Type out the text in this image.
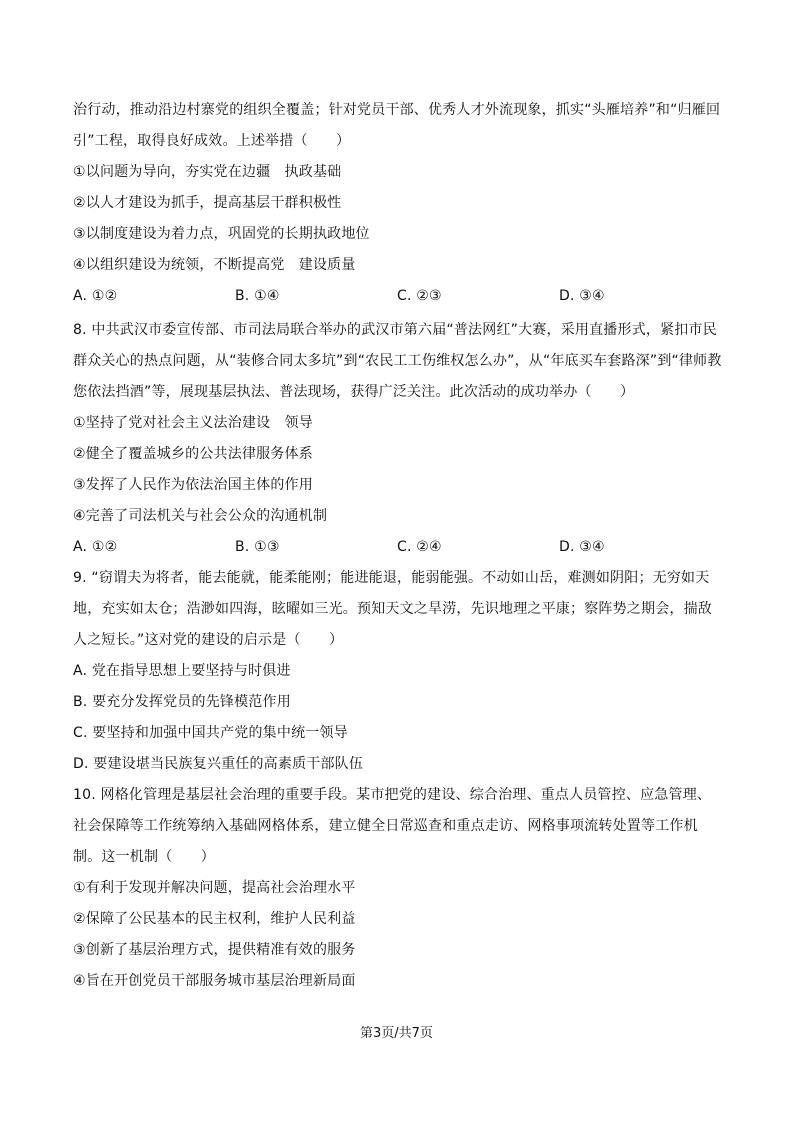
治行动，推动沿边村寨党的组织全覆盖；针对党员干部、优秀人才外流现象，抓实“头雁培养”和“归雁回引”工程，取得良好成效。上述举措（　　）

①以问题为导向，夯实党在边疆　执政基础
②以人才建设为抓手，提高基层干群积极性
③以制度建设为着力点，巩固党的长期执政地位
④以组织建设为统领，不断提高党　建设质量
A. ①②	B. ①④	C. ②③	D. ③④

8. 中共武汉市委宣传部、市司法局联合举办的武汉市第六届“普法网红”大赛，采用直播形式，紧扣市民群众关心的热点问题，从“装修合同太多坑”到“农民工工伤维权怎么办”，从“年底买车套路深”到“律师教您依法挡酒”等，展现基层执法、普法现场，获得广泛关注。此次活动的成功举办（　　）

①坚持了党对社会主义法治建设　领导
②健全了覆盖城乡的公共法律服务体系
③发挥了人民作为依法治国主体的作用
④完善了司法机关与社会公众的沟通机制
A. ①②	B. ①③	C. ②④	D. ③④

9. “窃谓夫为将者，能去能就，能柔能刚；能进能退，能弱能强。不动如山岳，难测如阴阳；无穷如天地，充实如太仓；浩渺如四海，眩曜如三光。预知天文之旱涝，先识地理之平康；察阵势之期会，揣敌人之短长。”这对党的建设的启示是（　　）

A. 党在指导思想上要坚持与时俱进
B. 要充分发挥党员的先锋模范作用
C. 要坚持和加强中国共产党的集中统一领导
D. 要建设堪当民族复兴重任的高素质干部队伍

10. 网格化管理是基层社会治理的重要手段。某市把党的建设、综合治理、重点人员管控、应急管理、社会保障等工作统筹纳入基础网格体系，建立健全日常巡查和重点走访、网格事项流转处置等工作机制。这一机制（　　）

①有利于发现并解决问题，提高社会治理水平
②保障了公民基本的民主权利，维护人民利益
③创新了基层治理方式，提供精准有效的服务
④旨在开创党员干部服务城市基层治理新局面
第3页/共7页
